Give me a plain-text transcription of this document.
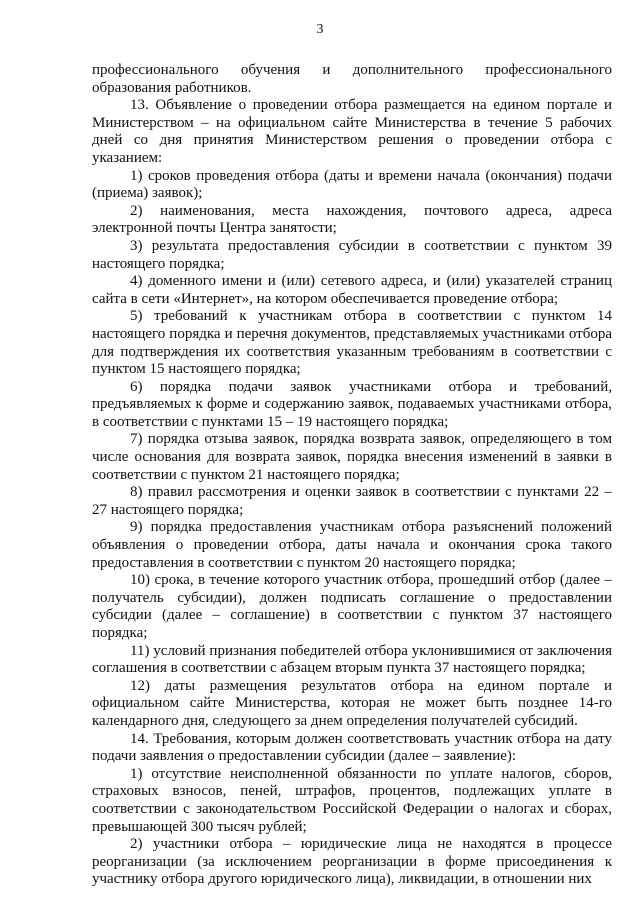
3

профессионального обучения и дополнительного профессионального образования работников.

13. Объявление о проведении отбора размещается на едином портале и Министерством – на официальном сайте Министерства в течение 5 рабочих дней со дня принятия Министерством решения о проведении отбора с указанием:

1) сроков проведения отбора (даты и времени начала (окончания) подачи (приема) заявок);

2) наименования, места нахождения, почтового адреса, адреса электронной почты Центра занятости;

3) результата предоставления субсидии в соответствии с пунктом 39 настоящего порядка;

4) доменного имени и (или) сетевого адреса, и (или) указателей страниц сайта в сети «Интернет», на котором обеспечивается проведение отбора;

5) требований к участникам отбора в соответствии с пунктом 14 настоящего порядка и перечня документов, представляемых участниками отбора для подтверждения их соответствия указанным требованиям в соответствии с пунктом 15 настоящего порядка;

6) порядка подачи заявок участниками отбора и требований, предъявляемых к форме и содержанию заявок, подаваемых участниками отбора, в соответствии с пунктами 15 – 19 настоящего порядка;

7) порядка отзыва заявок, порядка возврата заявок, определяющего в том числе основания для возврата заявок, порядка внесения изменений в заявки в соответствии с пунктом 21 настоящего порядка;

8) правил рассмотрения и оценки заявок в соответствии с пунктами 22 – 27 настоящего порядка;

9) порядка предоставления участникам отбора разъяснений положений объявления о проведении отбора, даты начала и окончания срока такого предоставления в соответствии с пунктом 20 настоящего порядка;

10) срока, в течение которого участник отбора, прошедший отбор (далее – получатель субсидии), должен подписать соглашение о предоставлении субсидии (далее – соглашение) в соответствии с пунктом 37 настоящего порядка;

11) условий признания победителей отбора уклонившимися от заключения соглашения в соответствии с абзацем вторым пункта 37 настоящего порядка;

12) даты размещения результатов отбора на едином портале и официальном сайте Министерства, которая не может быть позднее 14-го календарного дня, следующего за днем определения получателей субсидий.

14. Требования, которым должен соответствовать участник отбора на дату подачи заявления о предоставлении субсидии (далее – заявление):

1) отсутствие неисполненной обязанности по уплате налогов, сборов, страховых взносов, пеней, штрафов, процентов, подлежащих уплате в соответствии с законодательством Российской Федерации о налогах и сборах, превышающей 300 тысяч рублей;

2) участники отбора – юридические лица не находятся в процессе реорганизации (за исключением реорганизации в форме присоединения к участнику отбора другого юридического лица), ликвидации, в отношении них
